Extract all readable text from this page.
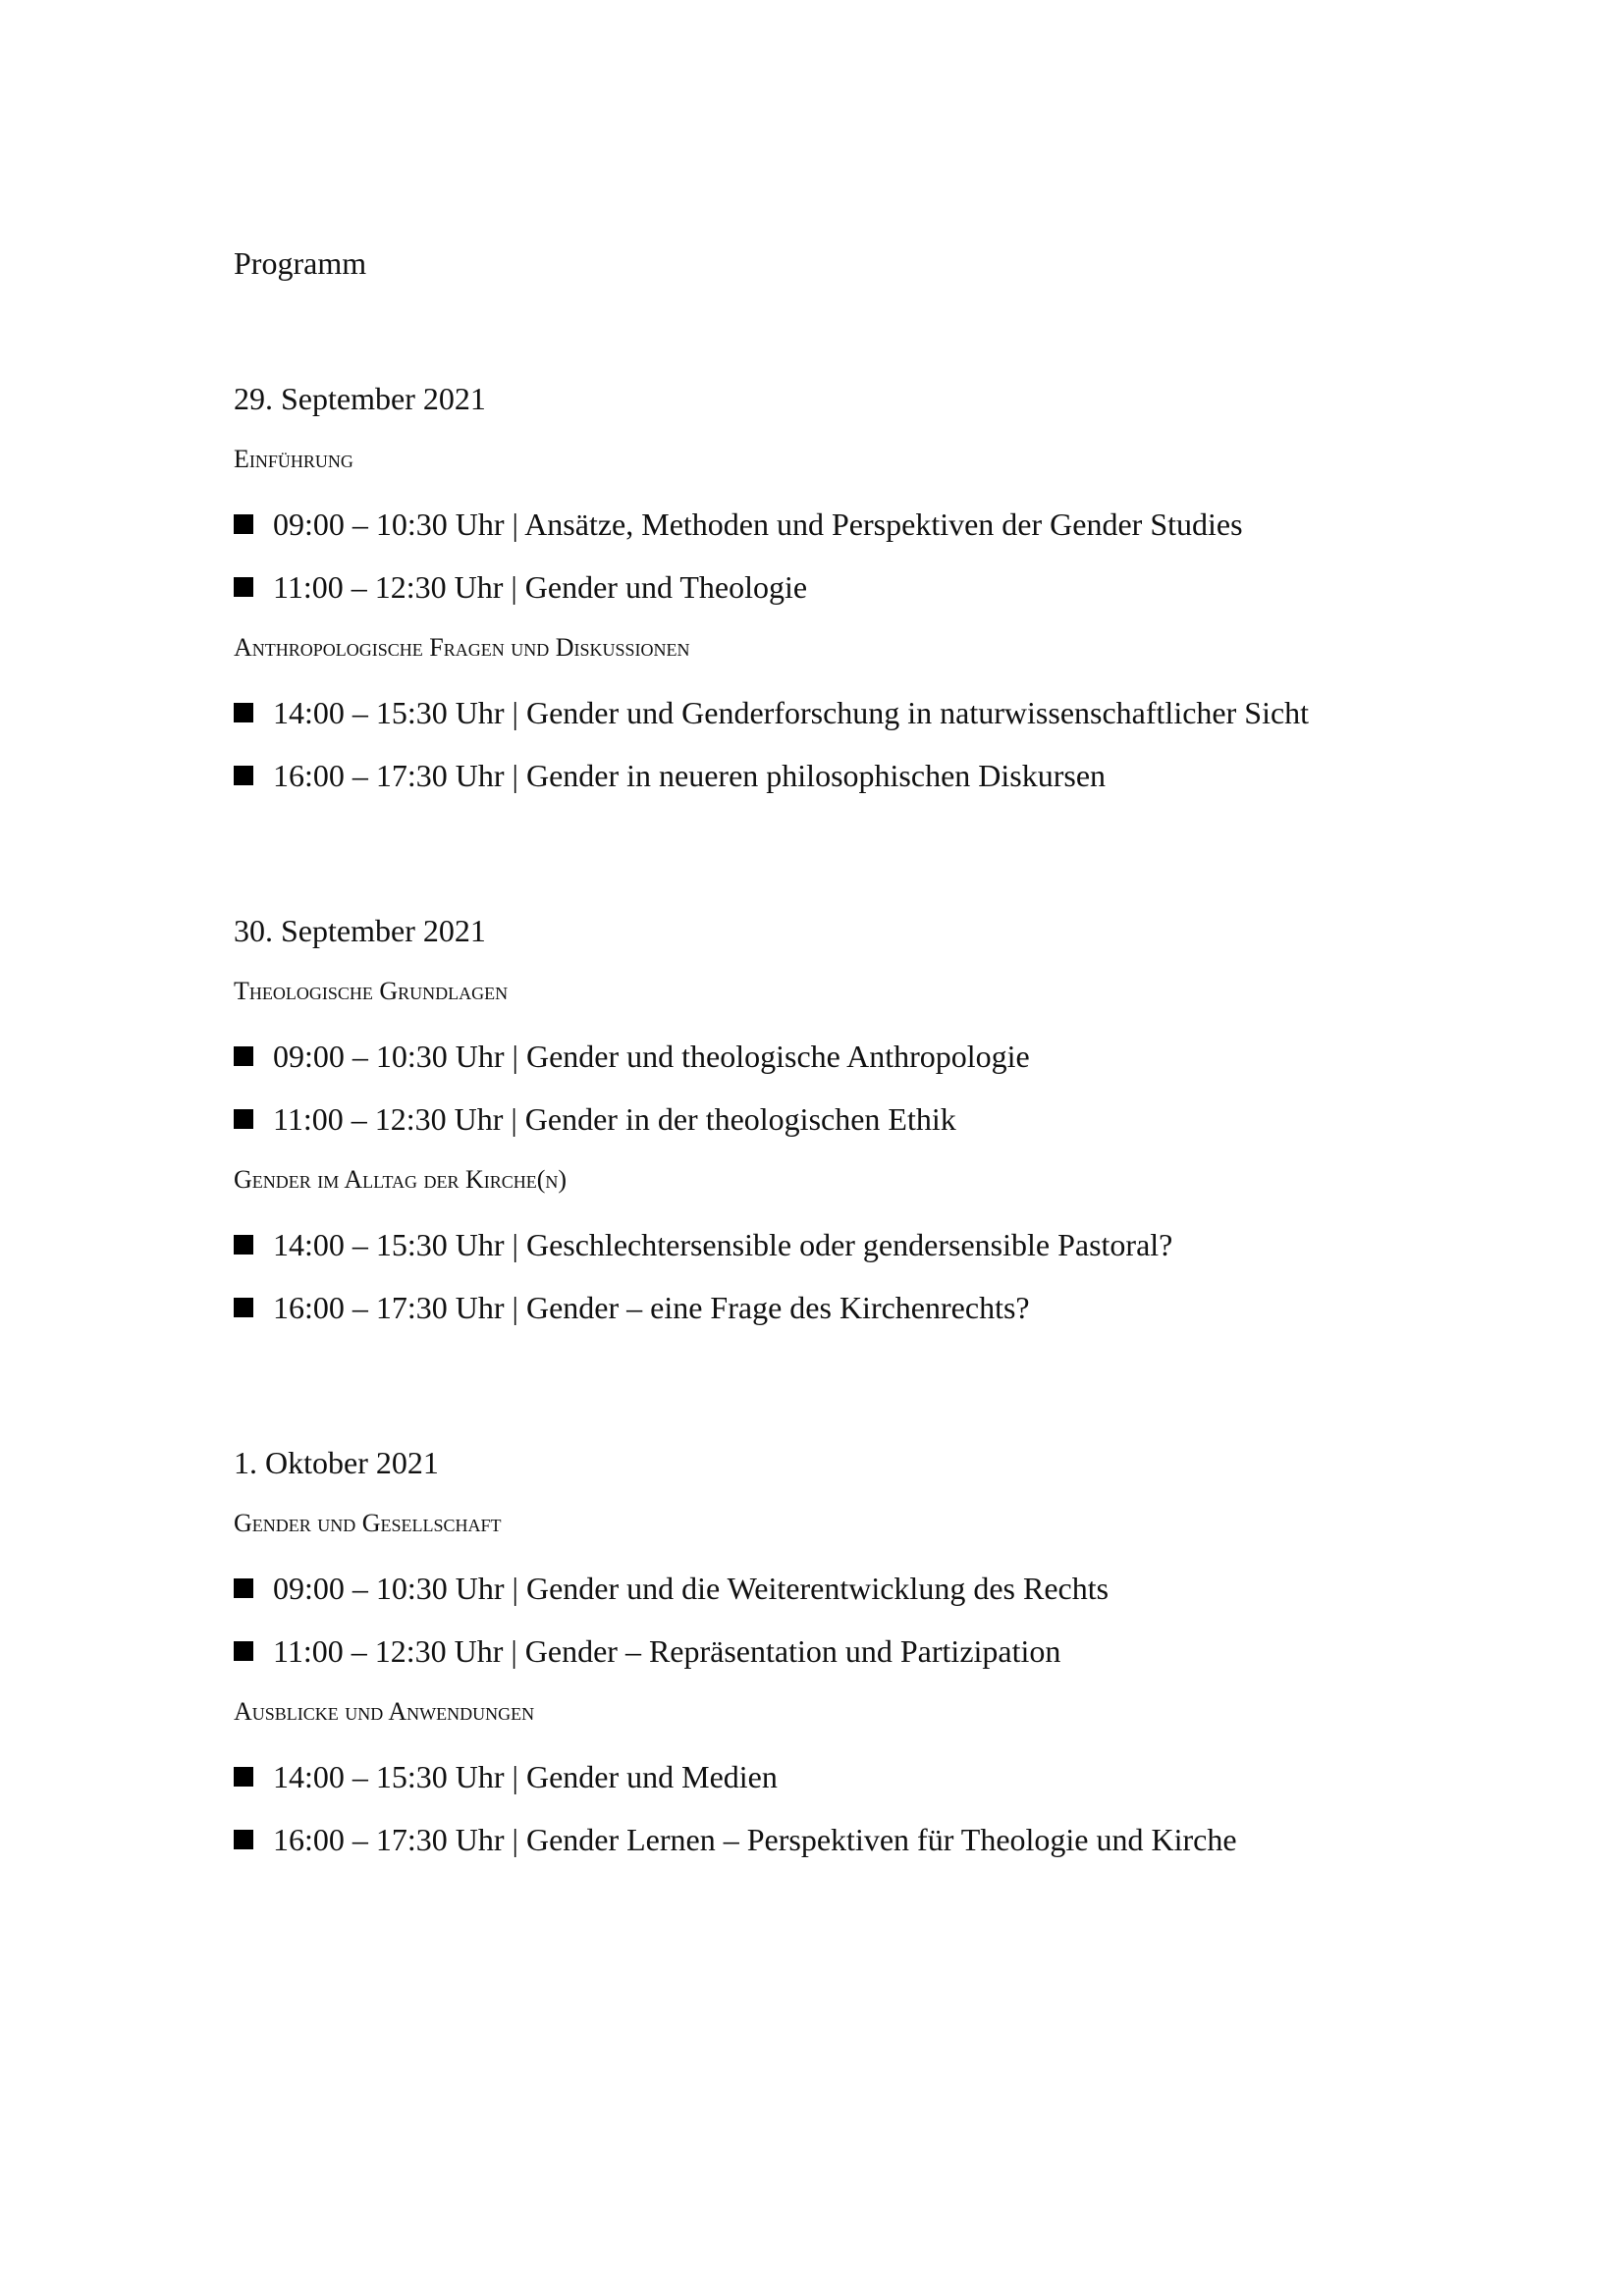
Programm
29. September 2021
Einführung
09:00 – 10:30 Uhr | Ansätze, Methoden und Perspektiven der Gender Studies
11:00 – 12:30 Uhr | Gender und Theologie
Anthropologische Fragen und Diskussionen
14:00 – 15:30 Uhr | Gender und Genderforschung in naturwissenschaftlicher Sicht
16:00 – 17:30 Uhr | Gender in neueren philosophischen Diskursen
30. September 2021
Theologische Grundlagen
09:00 – 10:30 Uhr | Gender und theologische Anthropologie
11:00 – 12:30 Uhr | Gender in der theologischen Ethik
Gender im Alltag der Kirche(n)
14:00 – 15:30 Uhr | Geschlechtersensible oder gendersensible Pastoral?
16:00 – 17:30 Uhr | Gender – eine Frage des Kirchenrechts?
1. Oktober 2021
Gender und Gesellschaft
09:00 – 10:30 Uhr | Gender und die Weiterentwicklung des Rechts
11:00 – 12:30 Uhr | Gender – Repräsentation und Partizipation
Ausblicke und Anwendungen
14:00 – 15:30 Uhr | Gender und Medien
16:00 – 17:30 Uhr | Gender Lernen – Perspektiven für Theologie und Kirche
